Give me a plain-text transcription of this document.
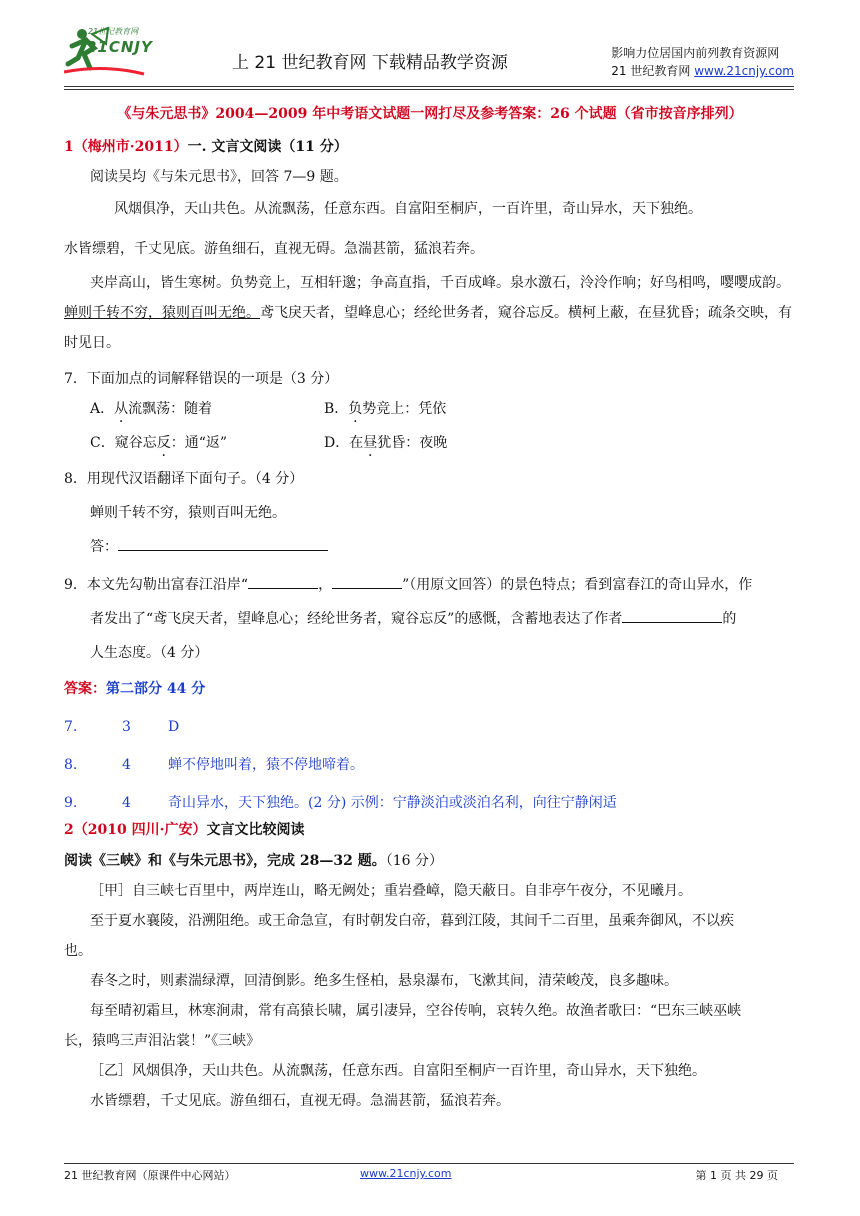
21世纪教育网
21CNJY
上 21 世纪教育网 下载精品教学资源	影响力位居国内前列教育资源网
21 世纪教育网 www.21cnjy.com

《与朱元思书》2004—2009 年中考语文试题一网打尽及参考答案：26 个试题（省市按音序排列）

1（梅州市·2011）一. 文言文阅读（11 分）

阅读吴均《与朱元思书》，回答 7—9 题。

风烟俱净，天山共色。从流飘荡，任意东西。自富阳至桐庐，一百许里，奇山异水，天下独绝。

水皆缥碧，千丈见底。游鱼细石，直视无碍。急湍甚箭，猛浪若奔。

夹岸高山，皆生寒树。负势竞上，互相轩邈；争高直指，千百成峰。泉水激石，泠泠作响；好鸟相鸣，嘤嘤成韵。蝉则千转不穷，猿则百叫无绝。鸢飞戾天者，望峰息心；经纶世务者，窥谷忘反。横柯上蔽，在昼犹昏；疏条交映，有时见日。

7．下面加点的词解释错误的一项是（3 分）

A．从流飘荡：随着	B．负势竞上：凭依

C．窥谷忘反：通“返”	D．在昼犹昏：夜晚

8．用现代汉语翻译下面句子。（4 分）

蝉则千转不穷，猿则百叫无绝。

答：

9．本文先勾勒出富春江沿岸“	，	”（用原文回答）的景色特点；看到富春江的奇山异水，作

者发出了“鸢飞戾天者，望峰息心；经纶世务者，窥谷忘反”的感慨，含蓄地表达了作者	的

人生态度。（4 分）

答案：第二部分 44 分

7.	3	D

8.	4	蝉不停地叫着，猿不停地啼着。

9.	4	奇山异水，天下独绝。(2 分) 示例：宁静淡泊或淡泊名利，向往宁静闲适

2（2010 四川·广安）文言文比较阅读

阅读《三峡》和《与朱元思书》，完成 28—32 题。（16 分）

［甲］自三峡七百里中，两岸连山，略无阙处；重岩叠嶂，隐天蔽日。自非亭午夜分，不见曦月。

至于夏水襄陵，沿溯阻绝。或王命急宣，有时朝发白帝，暮到江陵，其间千二百里，虽乘奔御风，不以疾

也。

春冬之时，则素湍绿潭，回清倒影。绝多生怪柏，悬泉瀑布，飞漱其间，清荣峻茂，良多趣味。

每至晴初霜旦，林寒涧肃，常有高猿长啸，属引凄异，空谷传响，哀转久绝。故渔者歌曰：“巴东三峡巫峡

长，猿鸣三声泪沾裳！”《三峡》

［乙］风烟俱净，天山共色。从流飘荡，任意东西。自富阳至桐庐一百许里，奇山异水，天下独绝。

水皆缥碧，千丈见底。游鱼细石，直视无碍。急湍甚箭，猛浪若奔。

21 世纪教育网（原课件中心网站）	www.21cnjy.com	第 1 页 共 29 页
